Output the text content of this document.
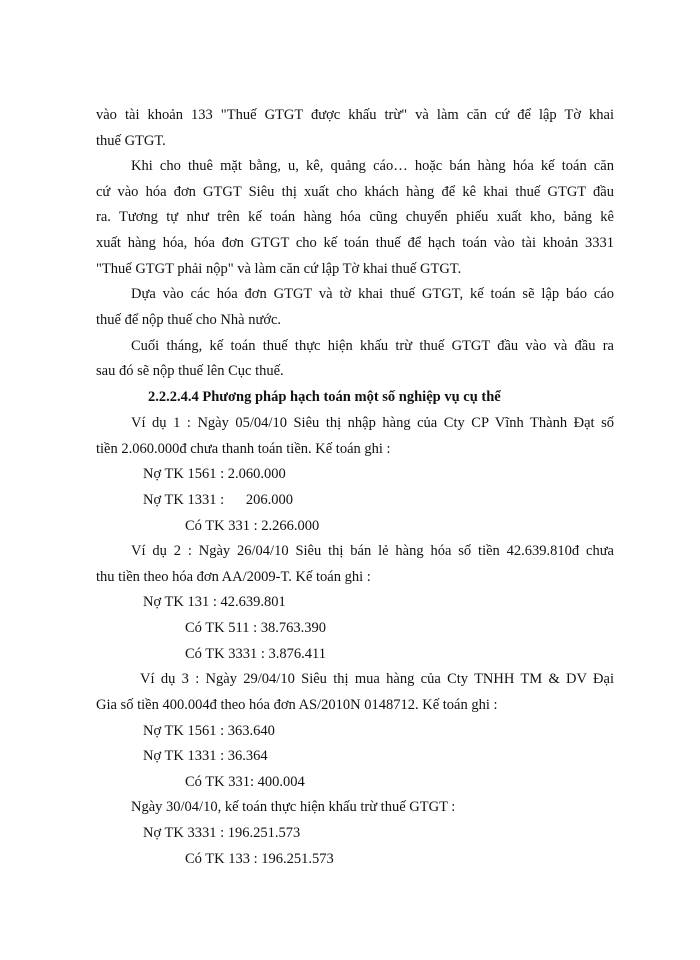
vào tài khoản 133 "Thuế GTGT được khấu trừ" và làm căn cứ để lập Tờ khai
thuế GTGT.
Khi cho thuê mặt bằng, u, kê, quảng cáo… hoặc bán hàng hóa kế toán căn
cứ vào hóa đơn GTGT Siêu thị xuất cho khách hàng để kê khai thuế GTGT đầu
ra. Tương tự như trên kế toán hàng hóa cũng chuyển phiếu xuất kho, bảng kê
xuất hàng hóa, hóa đơn GTGT cho kế toán thuế để hạch toán vào tài khoản 3331
"Thuế GTGT phải nộp" và làm căn cứ lập Tờ khai thuế GTGT.
Dựa vào các hóa đơn GTGT và tờ khai thuế GTGT, kế toán sẽ lập báo cáo
thuế để nộp thuế cho Nhà nước.
Cuối tháng, kế toán thuế thực hiện khấu trừ thuế GTGT đầu vào và đầu ra
sau đó sẽ nộp thuế lên Cục thuế.
2.2.2.4.4 Phương pháp hạch toán một số nghiệp vụ cụ thể
Ví dụ 1 : Ngày 05/04/10 Siêu thị nhập hàng của Cty CP Vĩnh Thành Đạt số
tiền 2.060.000đ chưa thanh toán tiền. Kế toán ghi :
Nợ TK 1561 : 2.060.000
Nợ TK 1331 :      206.000
Có TK 331 : 2.266.000
Ví dụ 2 : Ngày 26/04/10 Siêu thị bán lẻ hàng hóa số tiền 42.639.810đ chưa
thu tiền theo hóa đơn AA/2009-T. Kế toán ghi :
Nợ TK 131 : 42.639.801
Có TK 511 : 38.763.390
Có TK 3331 : 3.876.411
Ví dụ 3 : Ngày 29/04/10 Siêu thị mua hàng của Cty TNHH TM & DV Đại
Gia số tiền 400.004đ theo hóa đơn AS/2010N 0148712. Kế toán ghi :
Nợ TK 1561 : 363.640
Nợ TK 1331 : 36.364
Có TK 331: 400.004
Ngày 30/04/10, kế toán thực hiện khấu trừ thuế GTGT :
Nợ TK 3331 : 196.251.573
Có TK 133 : 196.251.573
